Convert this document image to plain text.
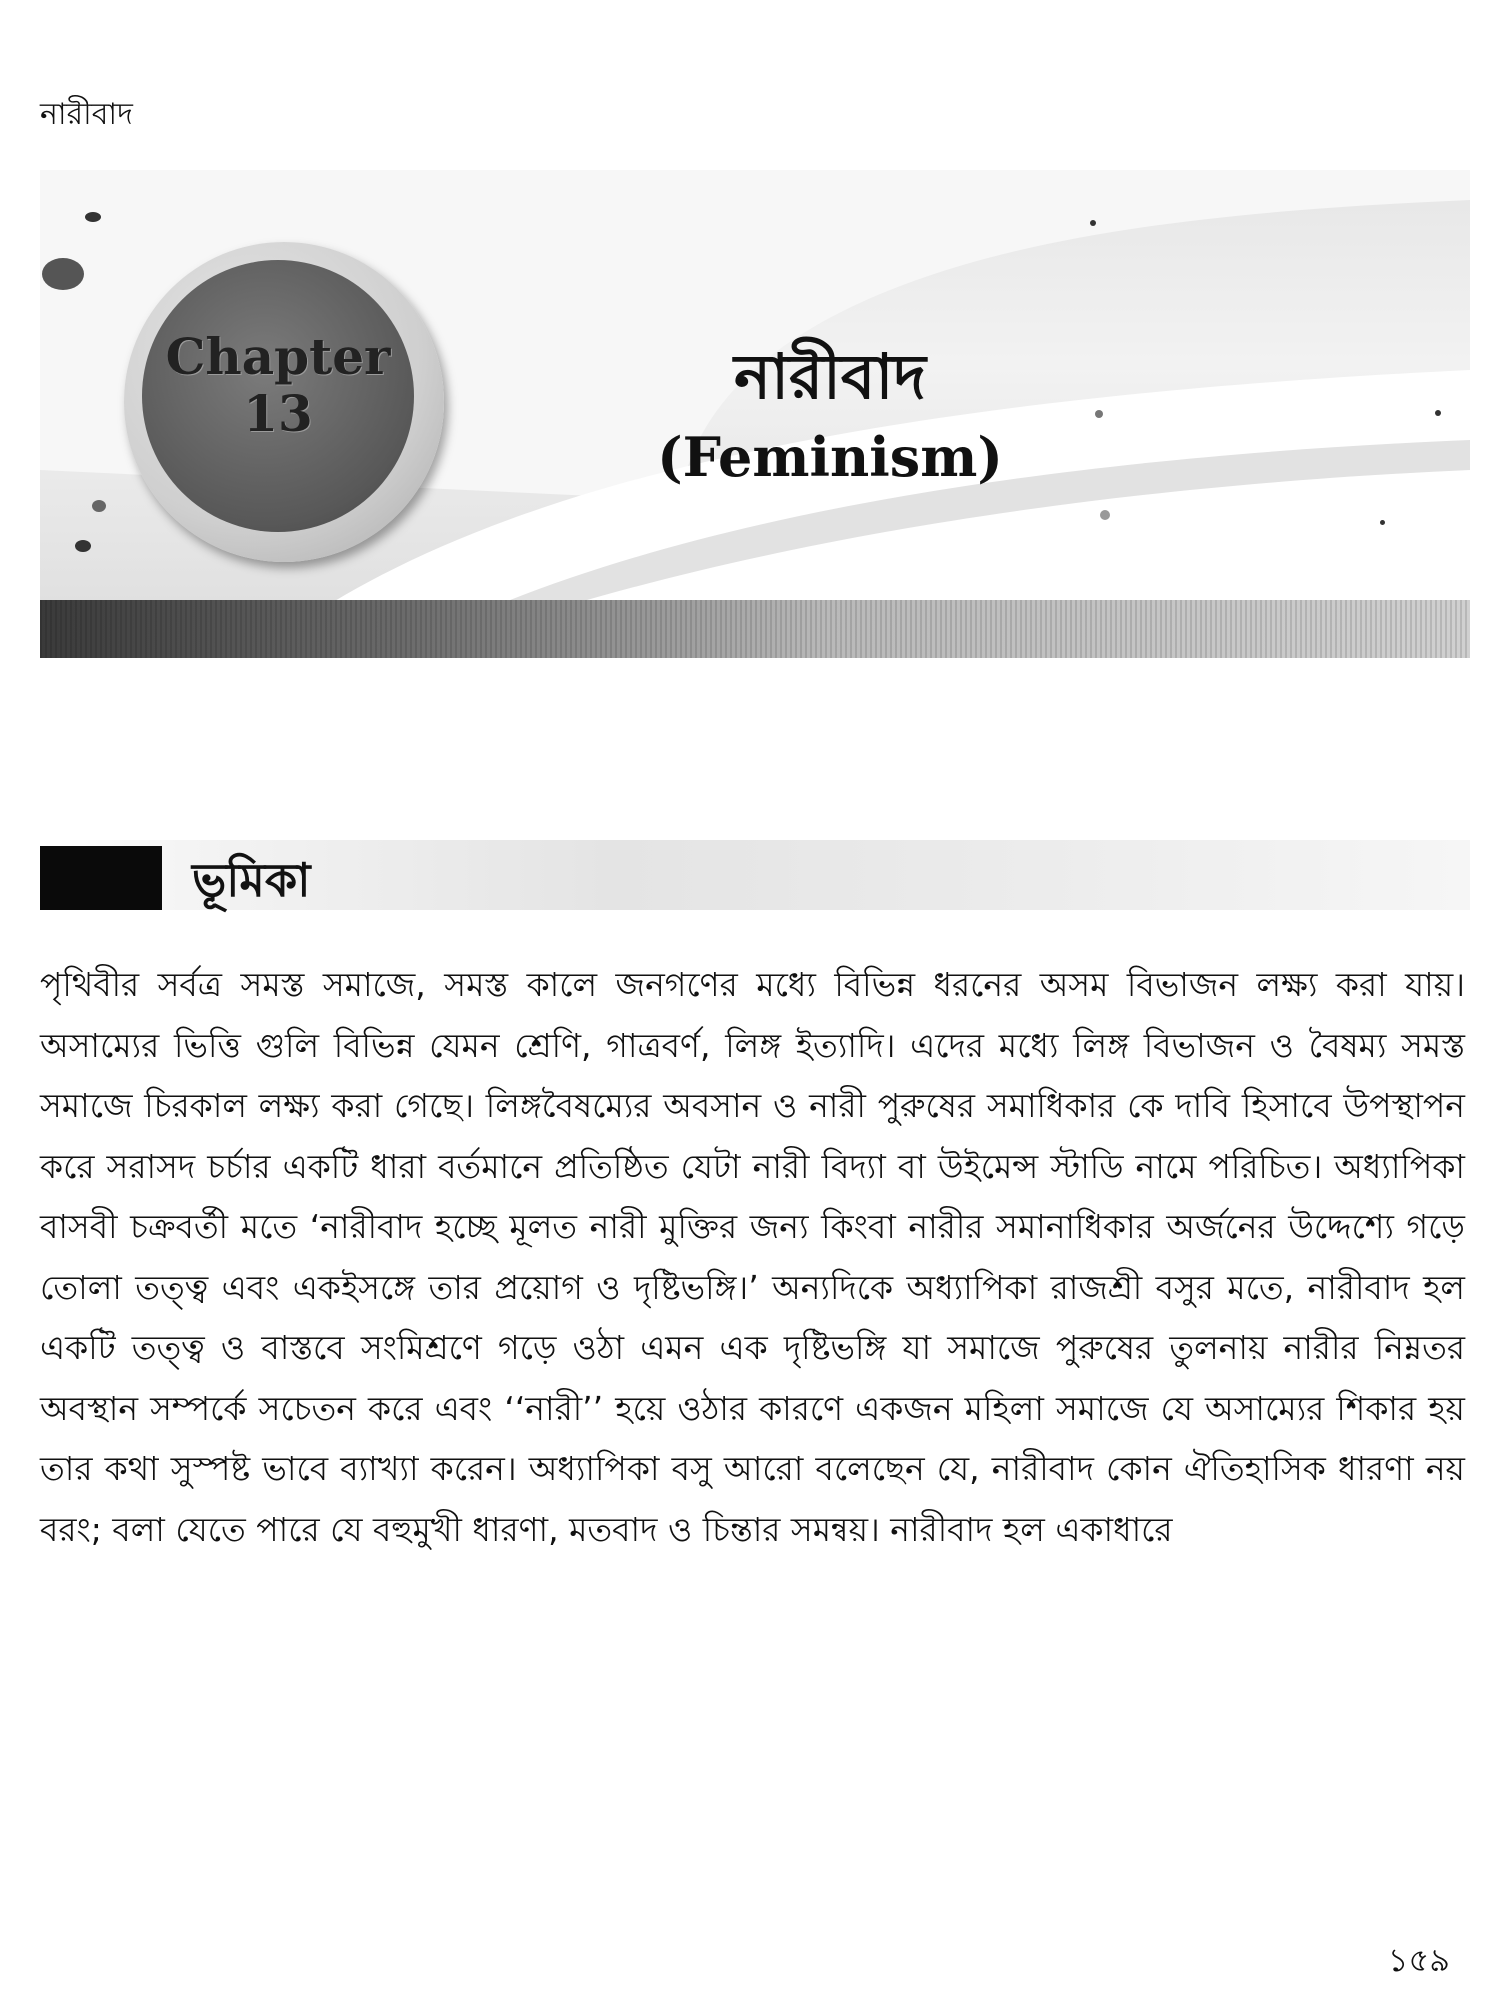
নারীবাদ
Chapter
13	নারীবাদ
(Feminism)
ভূমিকা

পৃথিবীর সর্বত্র সমস্ত সমাজে, সমস্ত কালে জনগণের মধ্যে বিভিন্ন ধরনের অসম বিভাজন লক্ষ্য করা যায়। অসাম্যের ভিত্তি গুলি বিভিন্ন যেমন শ্রেণি, গাত্রবর্ণ, লিঙ্গ ইত্যাদি। এদের মধ্যে লিঙ্গ বিভাজন ও বৈষম্য সমস্ত সমাজে চিরকাল লক্ষ্য করা গেছে। লিঙ্গবৈষম্যের অবসান ও নারী পুরুষের সমাধিকার কে দাবি হিসাবে উপস্থাপন করে সরাসদ চর্চার একটি ধারা বর্তমানে প্রতিষ্ঠিত যেটা নারী বিদ্যা বা উইমেন্স স্টাডি নামে পরিচিত। অধ্যাপিকা বাসবী চক্রবর্তী মতে ‘নারীবাদ হচ্ছে মূলত নারী মুক্তির জন্য কিংবা নারীর সমানাধিকার অর্জনের উদ্দেশ্যে গড়ে তোলা তত্ত্ব এবং একইসঙ্গে তার প্রয়োগ ও দৃষ্টিভঙ্গি।’ অন্যদিকে অধ্যাপিকা রাজশ্রী বসুর মতে, নারীবাদ হল একটি তত্ত্ব ও বাস্তবে সংমিশ্রণে গড়ে ওঠা এমন এক দৃষ্টিভঙ্গি যা সমাজে পুরুষের তুলনায় নারীর নিম্নতর অবস্থান সম্পর্কে সচেতন করে এবং ‘‘নারী’’ হয়ে ওঠার কারণে একজন মহিলা সমাজে যে অসাম্যের শিকার হয় তার কথা সুস্পষ্ট ভাবে ব্যাখ্যা করেন। অধ্যাপিকা বসু আরো বলেছেন যে, নারীবাদ কোন ঐতিহাসিক ধারণা নয় বরং; বলা যেতে পারে যে বহুমুখী ধারণা, মতবাদ ও চিন্তার সমন্বয়। নারীবাদ হল একাধারে

১৫৯
